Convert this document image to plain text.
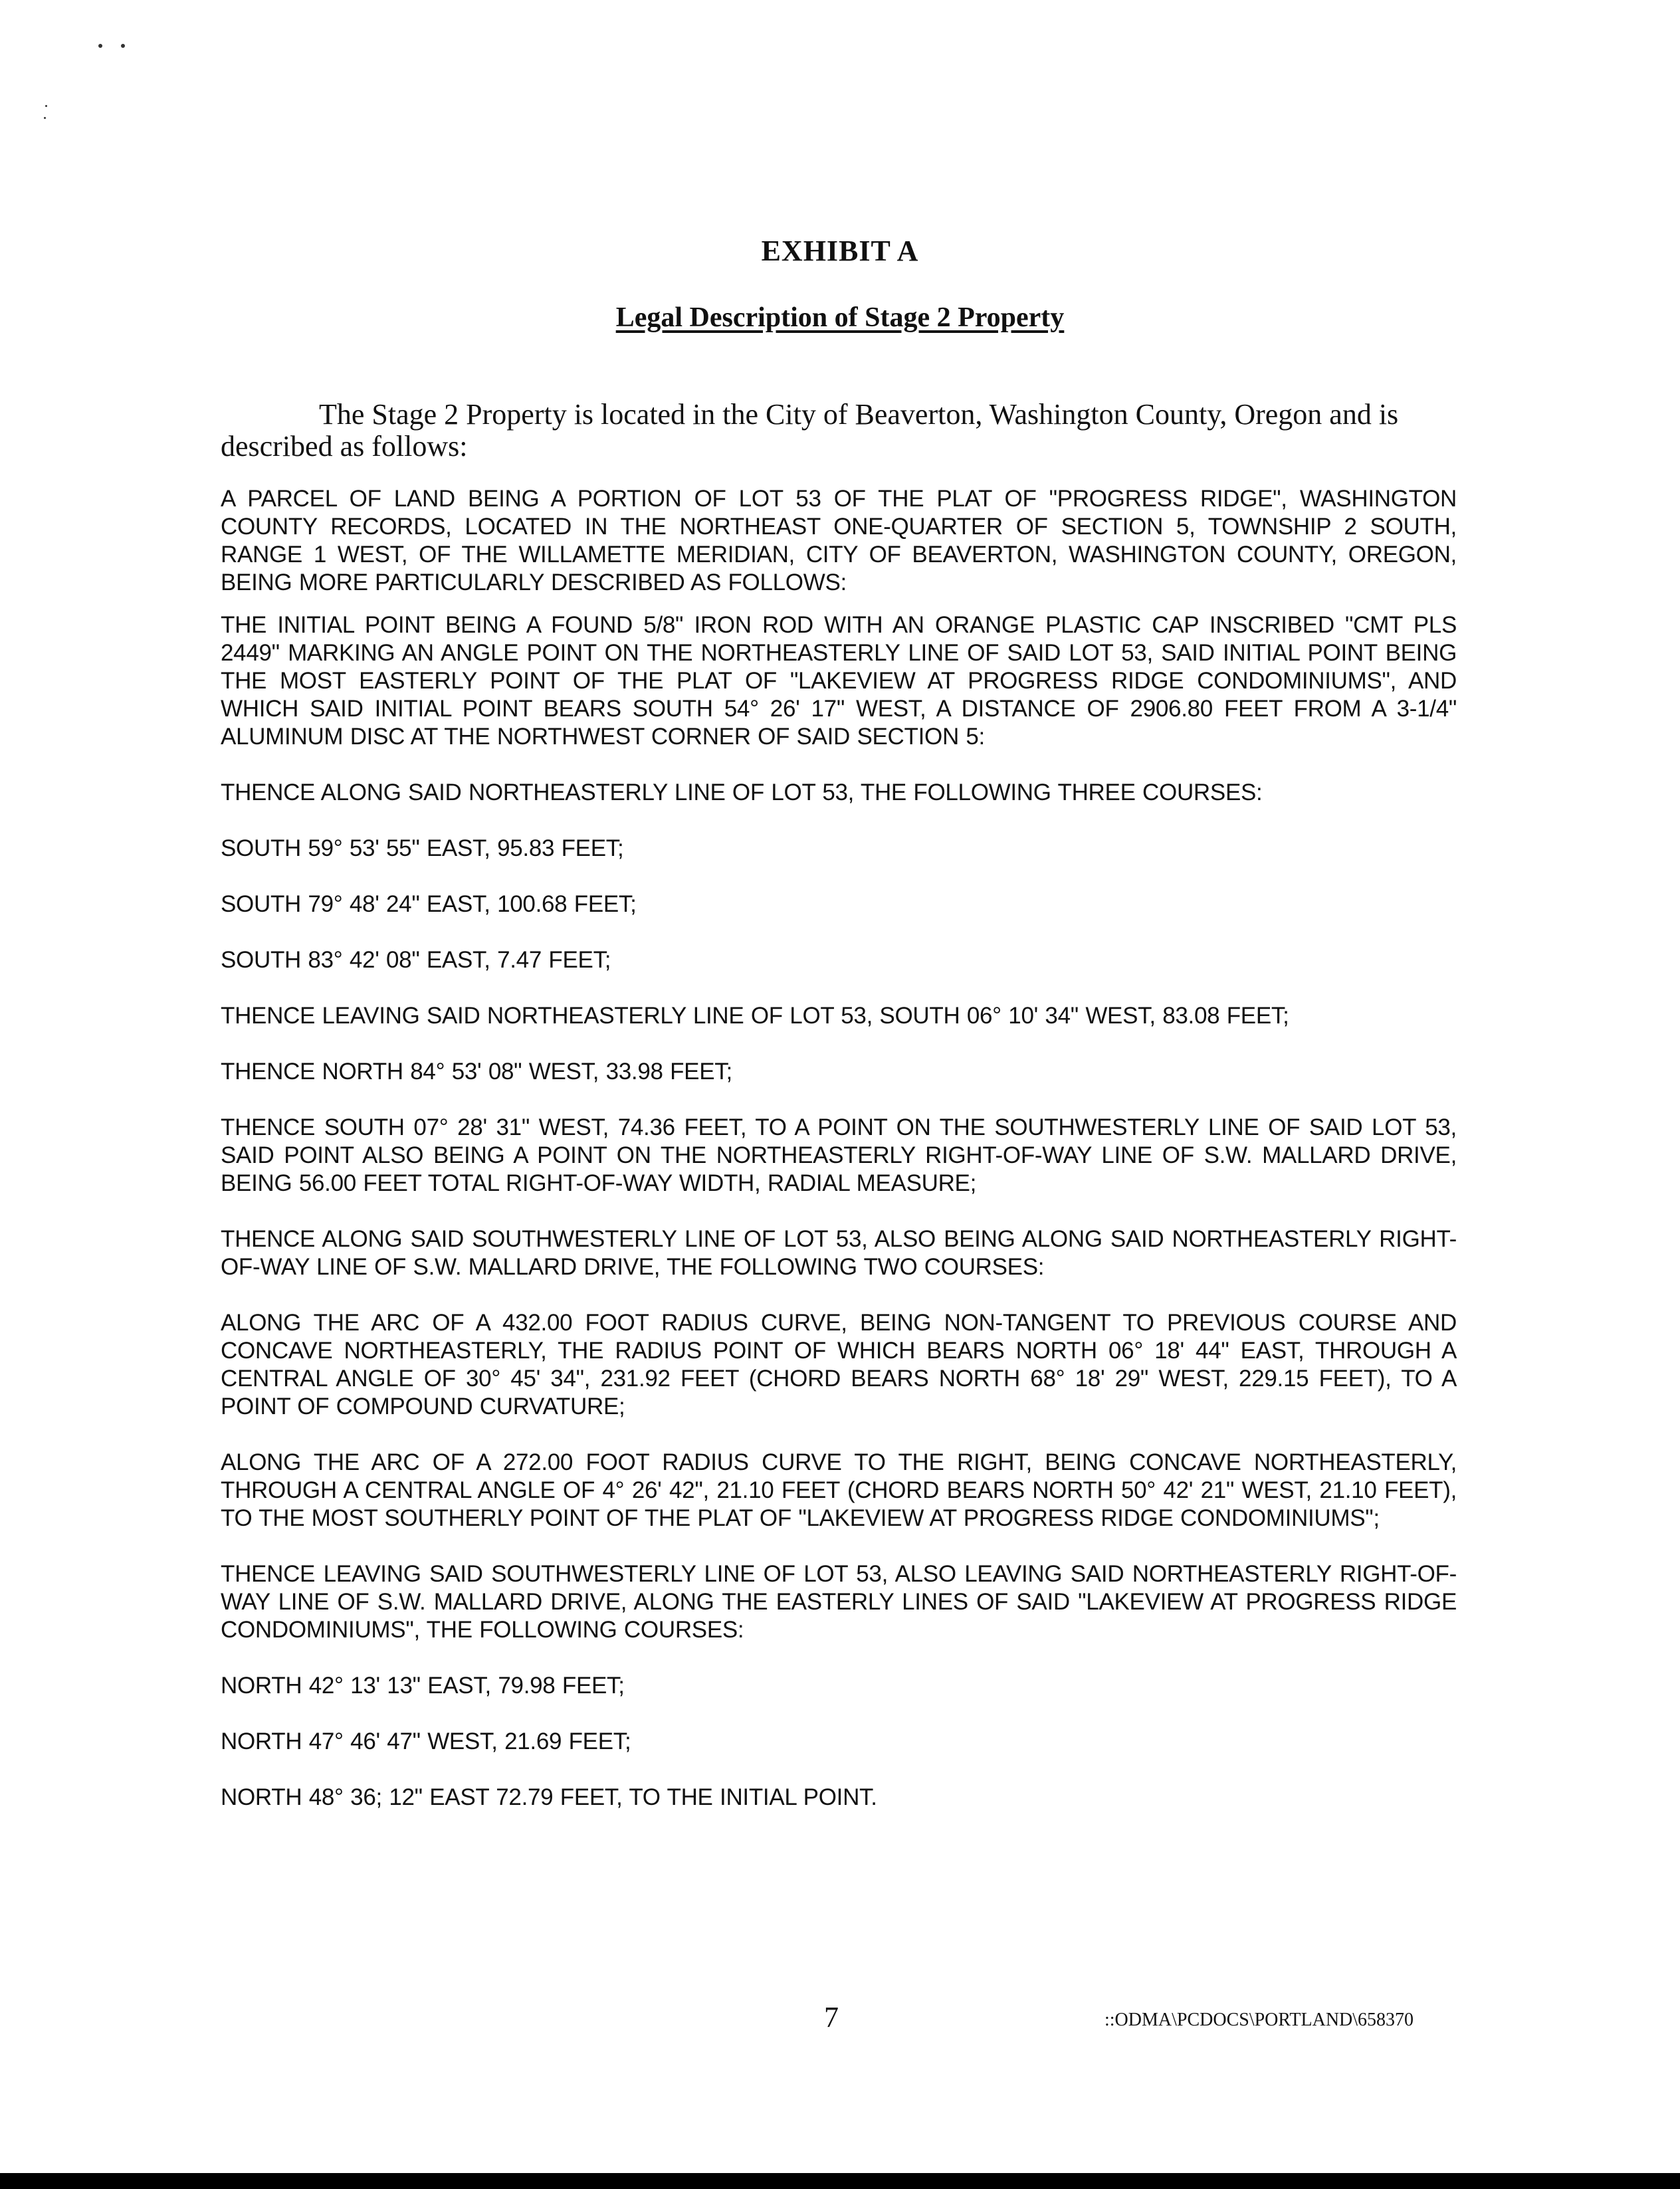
EXHIBIT A
Legal Description of Stage 2 Property

The Stage 2 Property is located in the City of Beaverton, Washington County, Oregon and is described as follows:

A PARCEL OF LAND BEING A PORTION OF LOT 53 OF THE PLAT OF "PROGRESS RIDGE", WASHINGTON COUNTY RECORDS, LOCATED IN THE NORTHEAST ONE-QUARTER OF SECTION 5, TOWNSHIP 2 SOUTH, RANGE 1 WEST, OF THE WILLAMETTE MERIDIAN, CITY OF BEAVERTON, WASHINGTON COUNTY, OREGON, BEING MORE PARTICULARLY DESCRIBED AS FOLLOWS:

THE INITIAL POINT BEING A FOUND 5/8" IRON ROD WITH AN ORANGE PLASTIC CAP INSCRIBED "CMT PLS 2449" MARKING AN ANGLE POINT ON THE NORTHEASTERLY LINE OF SAID LOT 53, SAID INITIAL POINT BEING THE MOST EASTERLY POINT OF THE PLAT OF "LAKEVIEW AT PROGRESS RIDGE CONDOMINIUMS", AND WHICH SAID INITIAL POINT BEARS SOUTH 54° 26' 17" WEST, A DISTANCE OF 2906.80 FEET FROM A 3-1/4" ALUMINUM DISC AT THE NORTHWEST CORNER OF SAID SECTION 5:

THENCE ALONG SAID NORTHEASTERLY LINE OF LOT 53, THE FOLLOWING THREE COURSES:

SOUTH 59° 53' 55" EAST, 95.83 FEET;

SOUTH 79° 48' 24" EAST, 100.68 FEET;

SOUTH 83° 42' 08" EAST, 7.47 FEET;

THENCE LEAVING SAID NORTHEASTERLY LINE OF LOT 53, SOUTH 06° 10' 34" WEST, 83.08 FEET;

THENCE NORTH 84° 53' 08" WEST, 33.98 FEET;

THENCE SOUTH 07° 28' 31" WEST, 74.36 FEET, TO A POINT ON THE SOUTHWESTERLY LINE OF SAID LOT 53, SAID POINT ALSO BEING A POINT ON THE NORTHEASTERLY RIGHT-OF-WAY LINE OF S.W. MALLARD DRIVE, BEING 56.00 FEET TOTAL RIGHT-OF-WAY WIDTH, RADIAL MEASURE;

THENCE ALONG SAID SOUTHWESTERLY LINE OF LOT 53, ALSO BEING ALONG SAID NORTHEASTERLY RIGHT-OF-WAY LINE OF S.W. MALLARD DRIVE, THE FOLLOWING TWO COURSES:

ALONG THE ARC OF A 432.00 FOOT RADIUS CURVE, BEING NON-TANGENT TO PREVIOUS COURSE AND CONCAVE NORTHEASTERLY, THE RADIUS POINT OF WHICH BEARS NORTH 06° 18' 44" EAST, THROUGH A CENTRAL ANGLE OF 30° 45' 34", 231.92 FEET (CHORD BEARS NORTH 68° 18' 29" WEST, 229.15 FEET), TO A POINT OF COMPOUND CURVATURE;

ALONG THE ARC OF A 272.00 FOOT RADIUS CURVE TO THE RIGHT, BEING CONCAVE NORTHEASTERLY, THROUGH A CENTRAL ANGLE OF 4° 26' 42", 21.10 FEET (CHORD BEARS NORTH 50° 42' 21" WEST, 21.10 FEET), TO THE MOST SOUTHERLY POINT OF THE PLAT OF "LAKEVIEW AT PROGRESS RIDGE CONDOMINIUMS";

THENCE LEAVING SAID SOUTHWESTERLY LINE OF LOT 53, ALSO LEAVING SAID NORTHEASTERLY RIGHT-OF-WAY LINE OF S.W. MALLARD DRIVE, ALONG THE EASTERLY LINES OF SAID "LAKEVIEW AT PROGRESS RIDGE CONDOMINIUMS", THE FOLLOWING COURSES:

NORTH 42° 13' 13" EAST, 79.98 FEET;

NORTH 47° 46' 47" WEST, 21.69 FEET;

NORTH 48° 36; 12" EAST 72.79 FEET, TO THE INITIAL POINT.

7	::ODMA\PCDOCS\PORTLAND\658370
